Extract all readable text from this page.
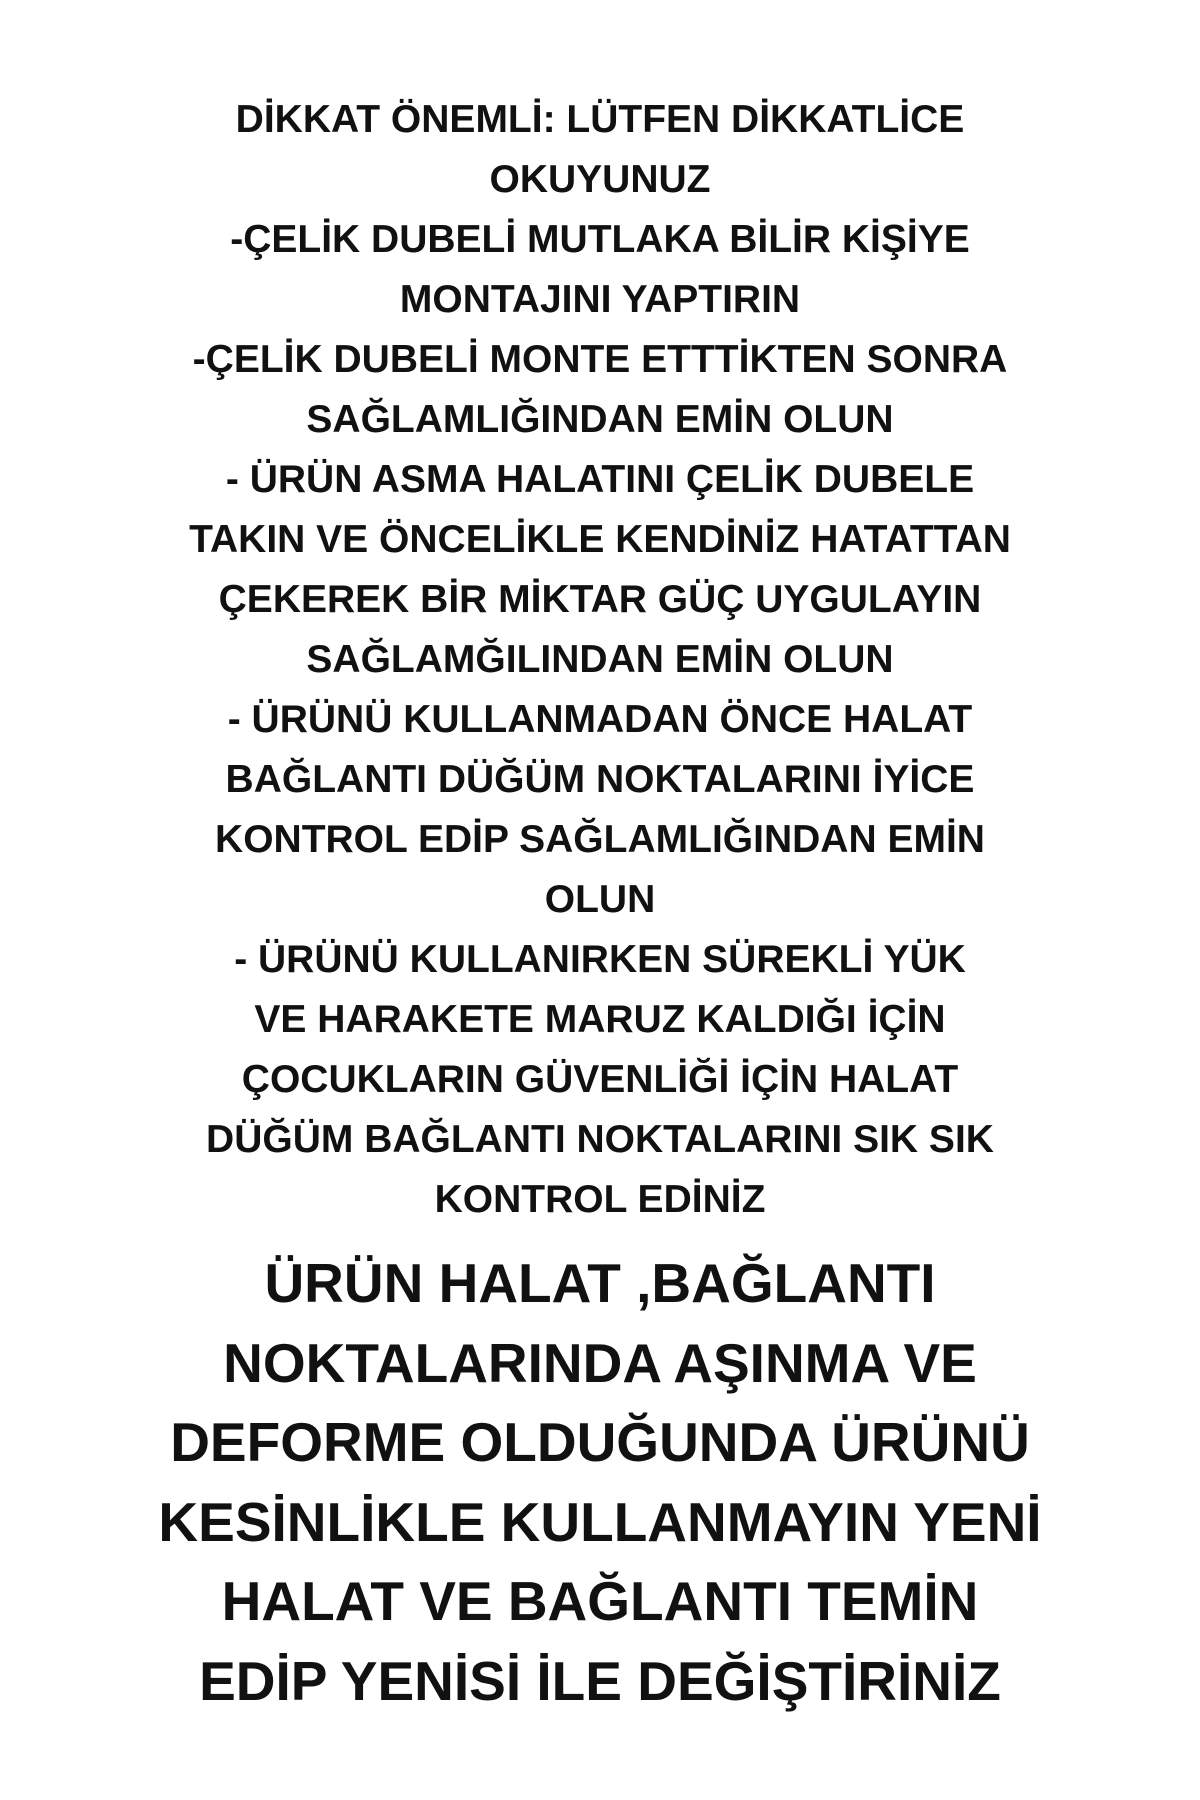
DİKKAT ÖNEMLİ: LÜTFEN DİKKATLİCE

OKUYUNUZ

-ÇELİK DUBELİ MUTLAKA BİLİR KİŞİYE

MONTAJINI YAPTIRIN

-ÇELİK DUBELİ MONTE ETTTİKTEN SONRA

SAĞLAMLIĞINDAN EMİN OLUN

- ÜRÜN ASMA HALATINI ÇELİK DUBELE

TAKIN VE ÖNCELİKLE KENDİNİZ HATATTAN

ÇEKEREK BİR MİKTAR GÜÇ UYGULAYIN

SAĞLAMĞILINDAN EMİN OLUN

- ÜRÜNÜ KULLANMADAN ÖNCE HALAT

BAĞLANTI DÜĞÜM NOKTALARINI İYİCE

KONTROL EDİP SAĞLAMLIĞINDAN EMİN

OLUN

- ÜRÜNÜ KULLANIRKEN SÜREKLİ YÜK

VE HARAKETE MARUZ KALDIĞI İÇİN

ÇOCUKLARIN GÜVENLİĞİ İÇİN HALAT

DÜĞÜM BAĞLANTI NOKTALARINI SIK SIK

KONTROL EDİNİZ

ÜRÜN HALAT ,BAĞLANTI

NOKTALARINDA AŞINMA VE

DEFORME OLDUĞUNDA ÜRÜNÜ

KESİNLİKLE KULLANMAYIN YENİ

HALAT VE BAĞLANTI TEMİN

EDİP YENİSİ İLE DEĞİŞTİRİNİZ
